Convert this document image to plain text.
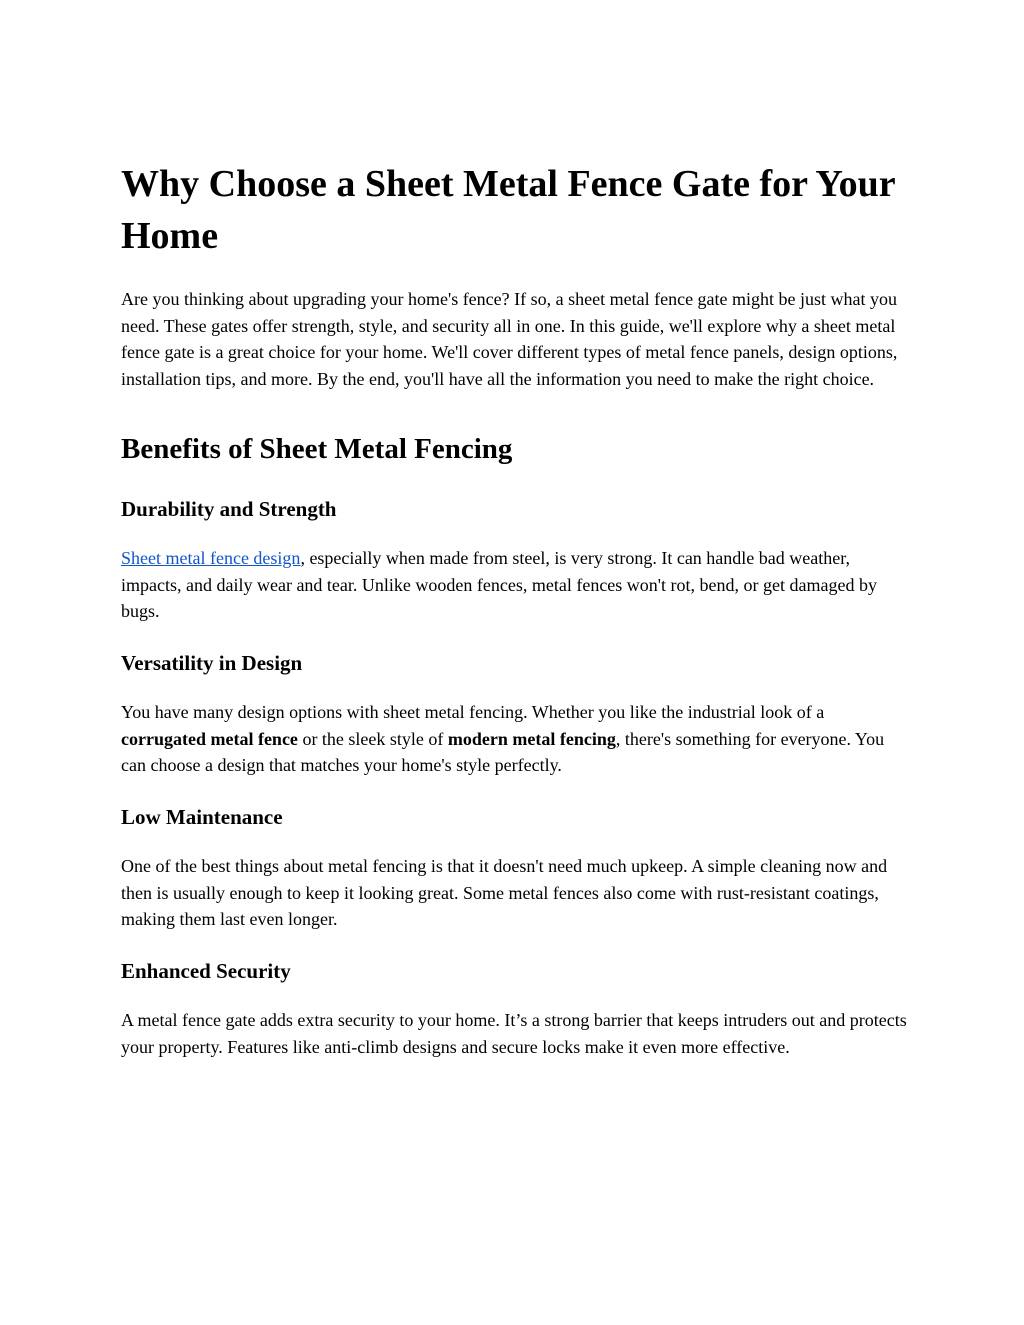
Why Choose a Sheet Metal Fence Gate for Your Home

Are you thinking about upgrading your home's fence? If so, a sheet metal fence gate might be just what you need. These gates offer strength, style, and security all in one. In this guide, we'll explore why a sheet metal fence gate is a great choice for your home. We'll cover different types of metal fence panels, design options, installation tips, and more. By the end, you'll have all the information you need to make the right choice.

Benefits of Sheet Metal Fencing
Durability and Strength

Sheet metal fence design, especially when made from steel, is very strong. It can handle bad weather, impacts, and daily wear and tear. Unlike wooden fences, metal fences won't rot, bend, or get damaged by bugs.

Versatility in Design

You have many design options with sheet metal fencing. Whether you like the industrial look of a corrugated metal fence or the sleek style of modern metal fencing, there's something for everyone. You can choose a design that matches your home's style perfectly.

Low Maintenance

One of the best things about metal fencing is that it doesn't need much upkeep. A simple cleaning now and then is usually enough to keep it looking great. Some metal fences also come with rust-resistant coatings, making them last even longer.

Enhanced Security

A metal fence gate adds extra security to your home. It’s a strong barrier that keeps intruders out and protects your property. Features like anti-climb designs and secure locks make it even more effective.
